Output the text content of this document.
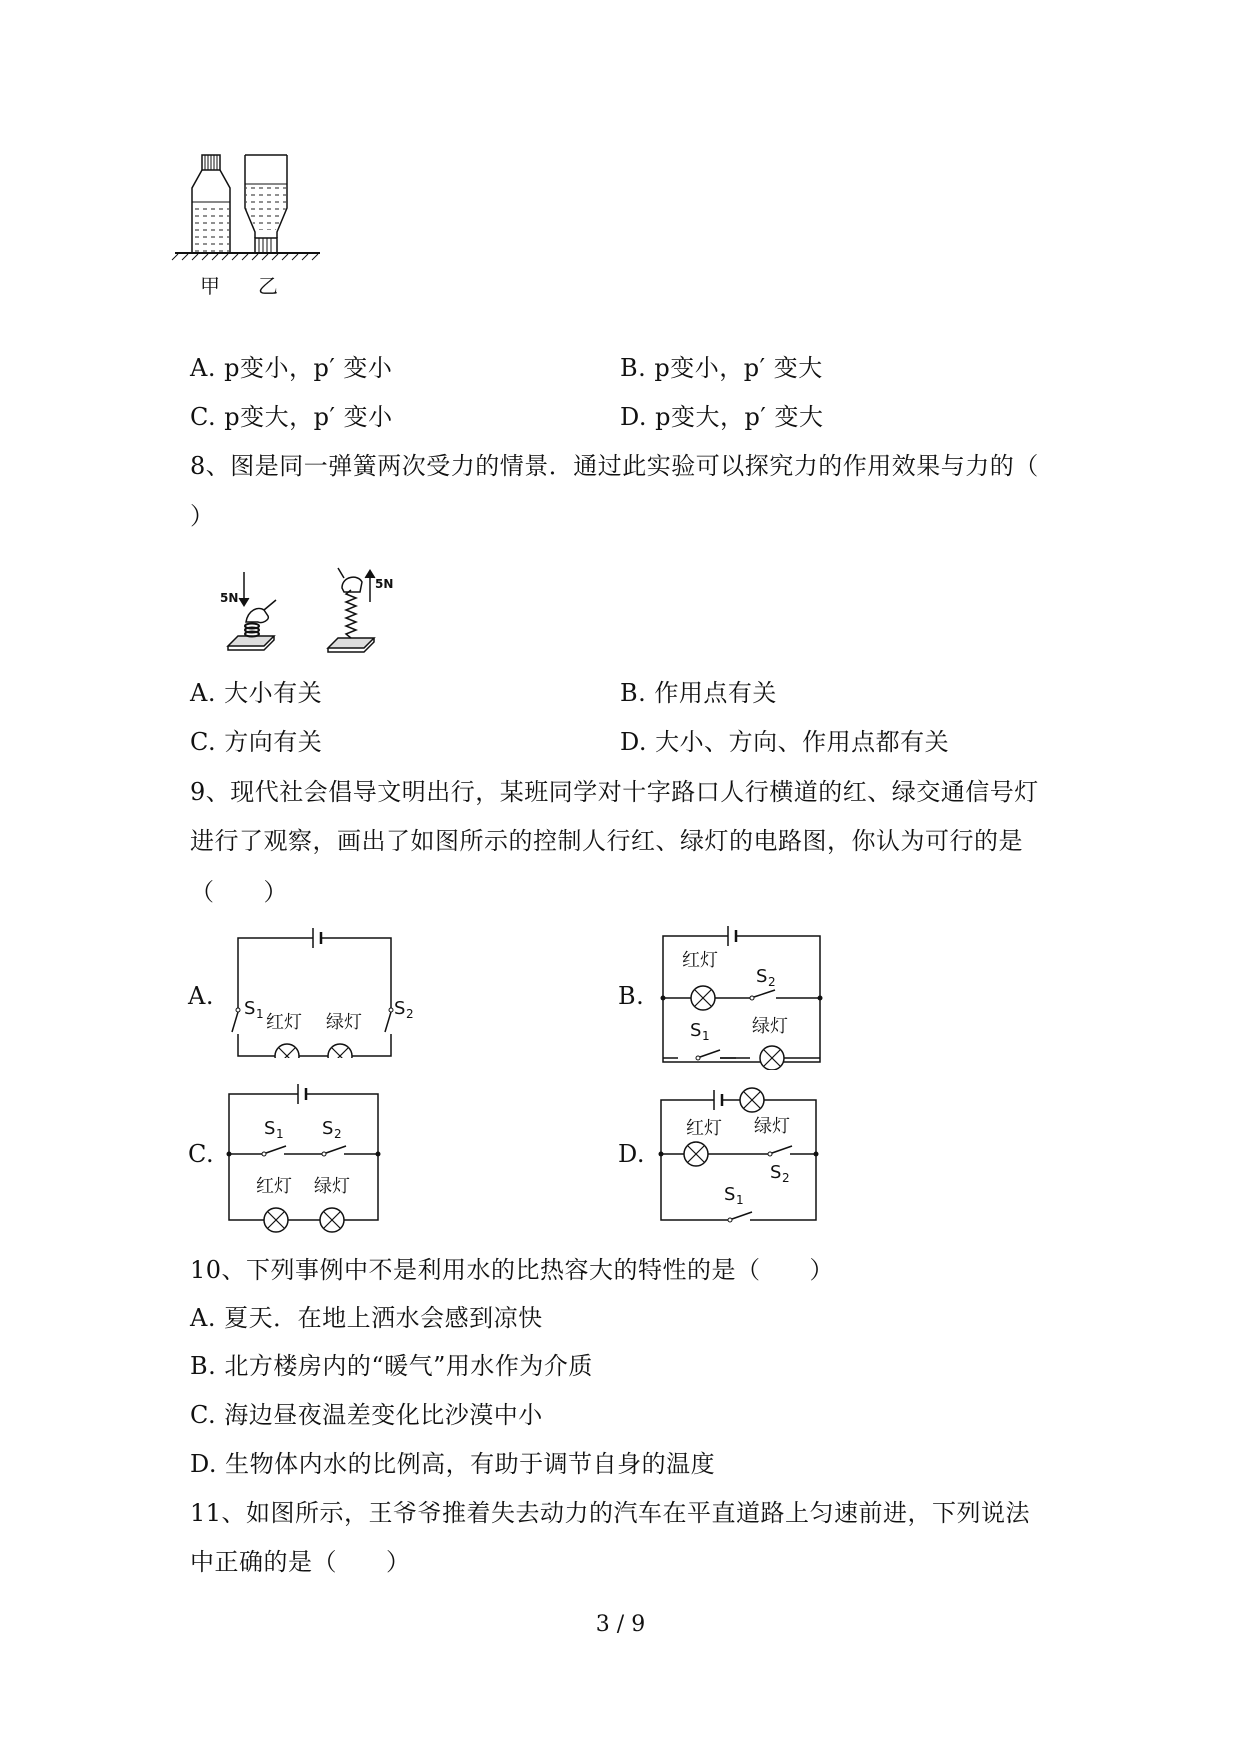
甲 乙
A. p变小，p′ 变小	B. p变小，p′ 变大
C. p变大，p′ 变小	D. p变大，p′ 变大
8、图是同一弹簧两次受力的情景．通过此实验可以探究力的作用效果与力的（
）
5N
5N
A. 大小有关	B. 作用点有关
C. 方向有关	D. 大小、方向、作用点都有关
9、现代社会倡导文明出行，某班同学对十字路口人行横道的红、绿交通信号灯
进行了观察，画出了如图所示的控制人行红、绿灯的电路图，你认为可行的是
（　　）
A.	B.
C.	D.
S 1	S 2
红灯 绿灯
红灯
S 2
S 1 绿灯
S 1 S 2
红灯 绿灯
红灯 绿灯
S 2
S 1
10、下列事例中不是利用水的比热容大的特性的是（　　）
A. 夏天．在地上洒水会感到凉快
B. 北方楼房内的“暖气”用水作为介质
C. 海边昼夜温差变化比沙漠中小
D. 生物体内水的比例高，有助于调节自身的温度
11、如图所示，王爷爷推着失去动力的汽车在平直道路上匀速前进，下列说法
中正确的是（　　）
3 / 9
